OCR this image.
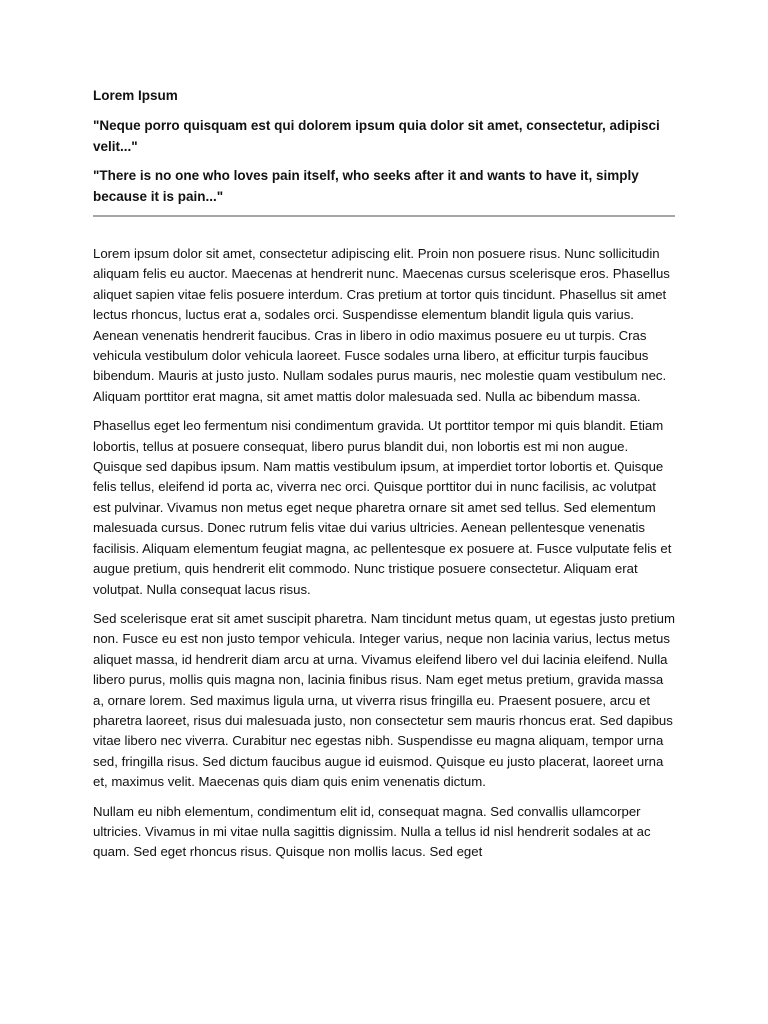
Lorem Ipsum
"Neque porro quisquam est qui dolorem ipsum quia dolor sit amet, consectetur, adipisci velit..."
"There is no one who loves pain itself, who seeks after it and wants to have it, simply because it is pain..."

Lorem ipsum dolor sit amet, consectetur adipiscing elit. Proin non posuere risus. Nunc sollicitudin aliquam felis eu auctor. Maecenas at hendrerit nunc. Maecenas cursus scelerisque eros. Phasellus aliquet sapien vitae felis posuere interdum. Cras pretium at tortor quis tincidunt. Phasellus sit amet lectus rhoncus, luctus erat a, sodales orci. Suspendisse elementum blandit ligula quis varius. Aenean venenatis hendrerit faucibus. Cras in libero in odio maximus posuere eu ut turpis. Cras vehicula vestibulum dolor vehicula laoreet. Fusce sodales urna libero, at efficitur turpis faucibus bibendum. Mauris at justo justo. Nullam sodales purus mauris, nec molestie quam vestibulum nec. Aliquam porttitor erat magna, sit amet mattis dolor malesuada sed. Nulla ac bibendum massa.

Phasellus eget leo fermentum nisi condimentum gravida. Ut porttitor tempor mi quis blandit. Etiam lobortis, tellus at posuere consequat, libero purus blandit dui, non lobortis est mi non augue. Quisque sed dapibus ipsum. Nam mattis vestibulum ipsum, at imperdiet tortor lobortis et. Quisque felis tellus, eleifend id porta ac, viverra nec orci. Quisque porttitor dui in nunc facilisis, ac volutpat est pulvinar. Vivamus non metus eget neque pharetra ornare sit amet sed tellus. Sed elementum malesuada cursus. Donec rutrum felis vitae dui varius ultricies. Aenean pellentesque venenatis facilisis. Aliquam elementum feugiat magna, ac pellentesque ex posuere at. Fusce vulputate felis et augue pretium, quis hendrerit elit commodo. Nunc tristique posuere consectetur. Aliquam erat volutpat. Nulla consequat lacus risus.

Sed scelerisque erat sit amet suscipit pharetra. Nam tincidunt metus quam, ut egestas justo pretium non. Fusce eu est non justo tempor vehicula. Integer varius, neque non lacinia varius, lectus metus aliquet massa, id hendrerit diam arcu at urna. Vivamus eleifend libero vel dui lacinia eleifend. Nulla libero purus, mollis quis magna non, lacinia finibus risus. Nam eget metus pretium, gravida massa a, ornare lorem. Sed maximus ligula urna, ut viverra risus fringilla eu. Praesent posuere, arcu et pharetra laoreet, risus dui malesuada justo, non consectetur sem mauris rhoncus erat. Sed dapibus vitae libero nec viverra. Curabitur nec egestas nibh. Suspendisse eu magna aliquam, tempor urna sed, fringilla risus. Sed dictum faucibus augue id euismod. Quisque eu justo placerat, laoreet urna et, maximus velit. Maecenas quis diam quis enim venenatis dictum.

Nullam eu nibh elementum, condimentum elit id, consequat magna. Sed convallis ullamcorper ultricies. Vivamus in mi vitae nulla sagittis dignissim. Nulla a tellus id nisl hendrerit sodales at ac quam. Sed eget rhoncus risus. Quisque non mollis lacus. Sed eget
